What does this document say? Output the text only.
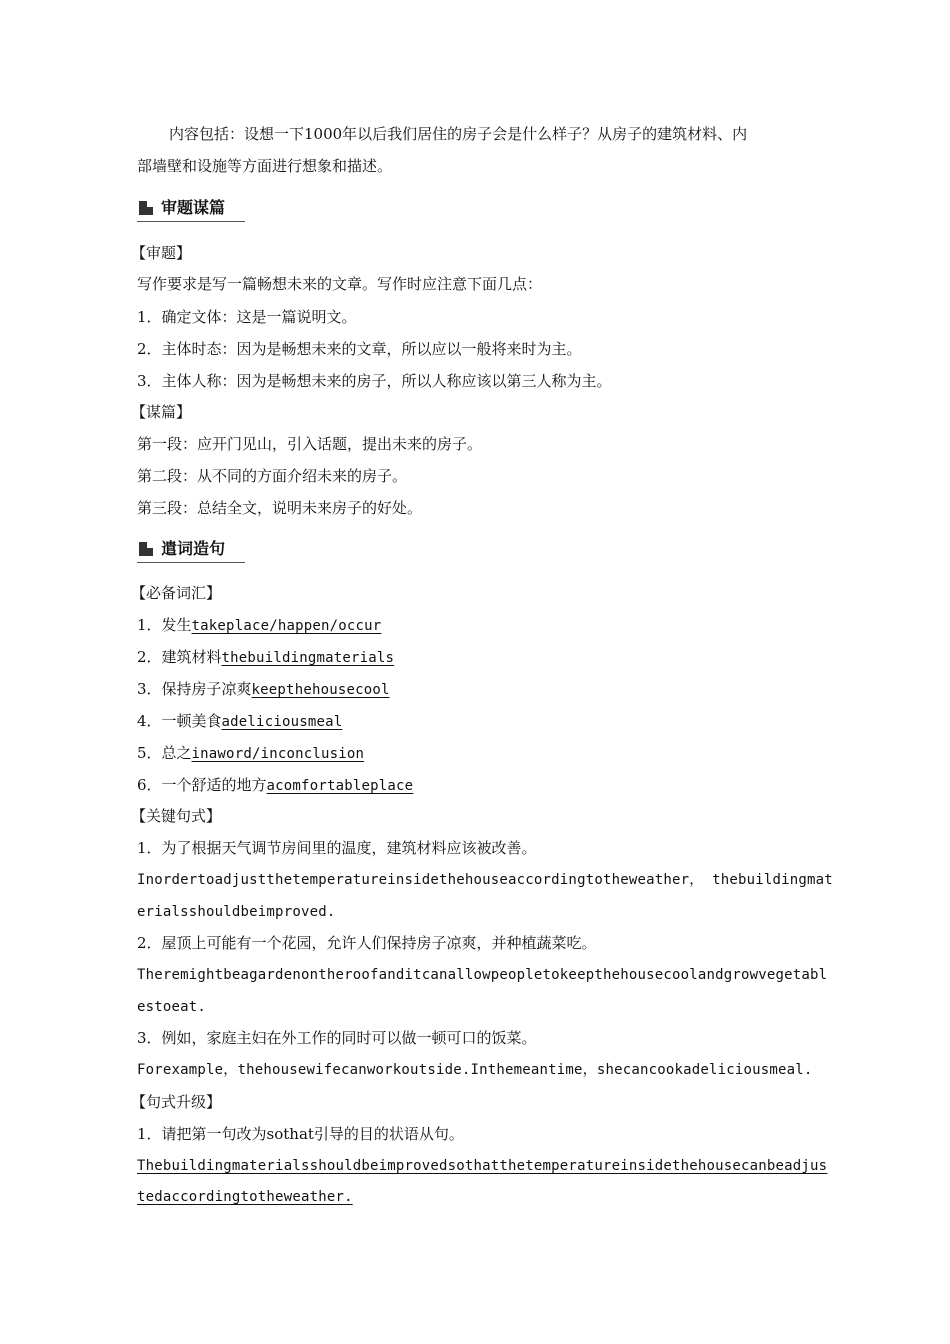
内容包括：设想一下1000年以后我们居住的房子会是什么样子？从房子的建筑材料、内
部墙壁和设施等方面进行想象和描述。
审题谋篇
【审题】
写作要求是写一篇畅想未来的文章。写作时应注意下面几点：
1．确定文体：这是一篇说明文。
2．主体时态：因为是畅想未来的文章，所以应以一般将来时为主。
3．主体人称：因为是畅想未来的房子，所以人称应该以第三人称为主。
【谋篇】
第一段：应开门见山，引入话题，提出未来的房子。
第二段：从不同的方面介绍未来的房子。
第三段：总结全文，说明未来房子的好处。
遣词造句
【必备词汇】
1．发生takeplace/happen/occur
2．建筑材料thebuildingmaterials
3．保持房子凉爽keepthehousecool
4．一顿美食adeliciousmeal
5．总之inaword/inconclusion
6．一个舒适的地方acomfortableplace
【关键句式】
1．为了根据天气调节房间里的温度，建筑材料应该被改善。
Inordertoadjustthetemperatureinsidethehouseaccordingtotheweather， thebuildingmat
erialsshouldbeimproved.
2．屋顶上可能有一个花园，允许人们保持房子凉爽，并种植蔬菜吃。
Theremightbeagardenontheroofanditcanallowpeopletokeepthehousecoolandgrowvegetabl
estoeat.
3．例如，家庭主妇在外工作的同时可以做一顿可口的饭菜。
Forexample，thehousewifecanworkoutside.Inthemeantime，shecancookadeliciousmeal.
【句式升级】
1．请把第一句改为sothat引导的目的状语从句。
Thebuildingmaterialsshouldbeimprovedsothatthetemperatureinsidethehousecanbeadjus
tedaccordingtotheweather.
